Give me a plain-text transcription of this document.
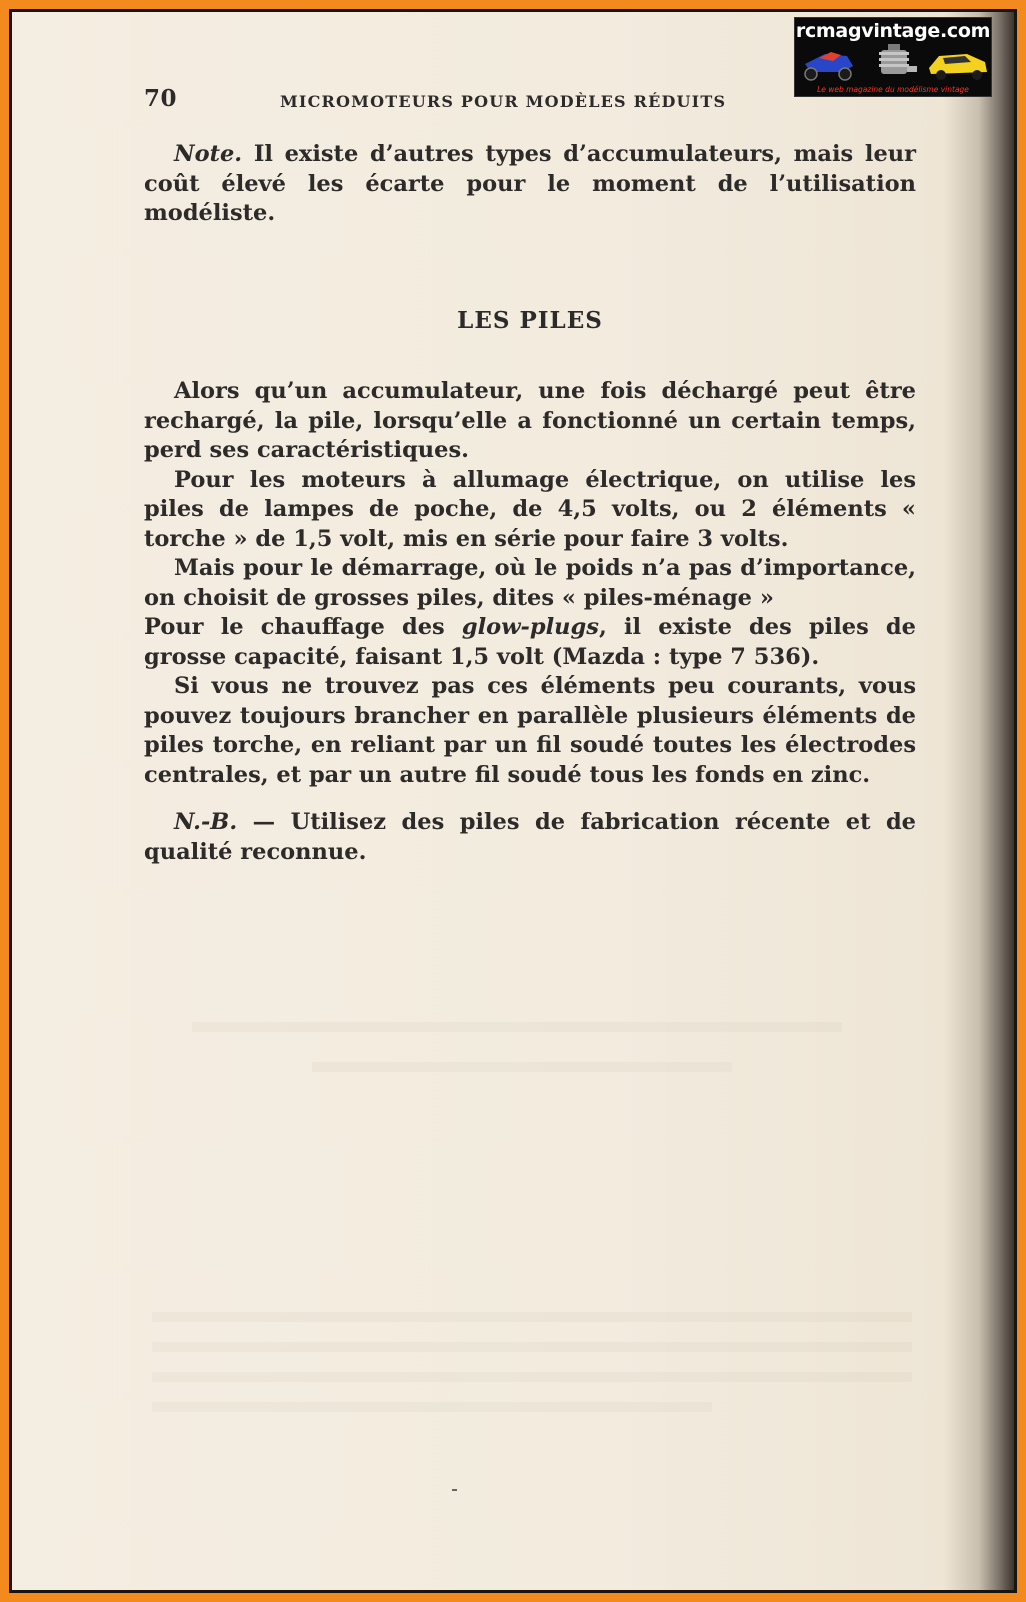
70	MICROMOTEURS POUR MODÈLES RÉDUITS
rcmagvintage.com
Le web magazine du modélisme vintage

Note. Il existe d’autres types d’accumulateurs, mais leur coût élevé les écarte pour le moment de l’utilisation modéliste.

LES PILES

Alors qu’un accumulateur, une fois déchargé peut être rechargé, la pile, lorsqu’elle a fonctionné un certain temps, perd ses caractéristiques.

Pour les moteurs à allumage électrique, on utilise les piles de lampes de poche, de 4,5 volts, ou 2 éléments « torche » de 1,5 volt, mis en série pour faire 3 volts.

Mais pour le démarrage, où le poids n’a pas d’importance, on choisit de grosses piles, dites « piles-ménage »

Pour le chauffage des glow-plugs, il existe des piles de grosse capacité, faisant 1,5 volt (Mazda : type 7 536).

Si vous ne trouvez pas ces éléments peu courants, vous pouvez toujours brancher en parallèle plusieurs éléments de piles torche, en reliant par un fil soudé toutes les électrodes centrales, et par un autre fil soudé tous les fonds en zinc.

N.-B. — Utilisez des piles de fabrication récente et de qualité reconnue.
